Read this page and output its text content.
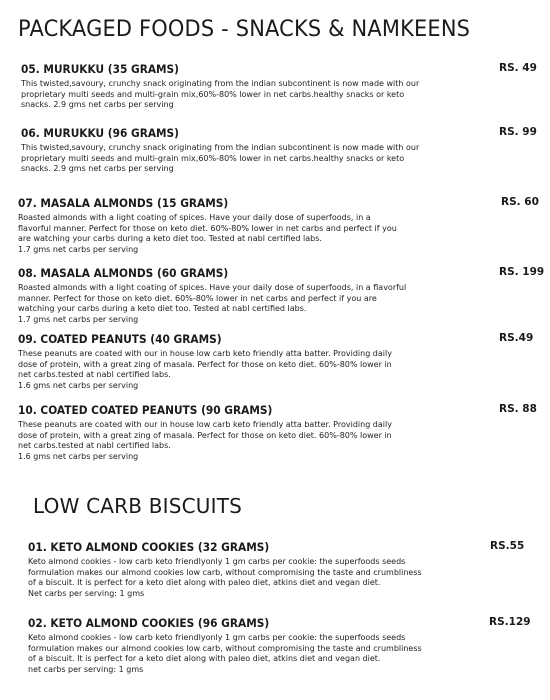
PACKAGED FOODS - SNACKS & NAMKEENS
05. MURUKKU (35 GRAMS)	RS. 49
This twisted,savoury, crunchy snack originating from the indian subcontinent is now made with our
proprietary multi seeds and multi-grain mix,60%-80% lower in net carbs.healthy snacks or keto
snacks. 2.9 gms net carbs per serving
06. MURUKKU (96 GRAMS)	RS. 99
This twisted,savoury, crunchy snack originating from the indian subcontinent is now made with our
proprietary multi seeds and multi-grain mix,60%-80% lower in net carbs.healthy snacks or keto
snacks. 2.9 gms net carbs per serving
07. MASALA ALMONDS (15 GRAMS)	RS. 60
Roasted almonds with a light coating of spices. Have your daily dose of superfoods, in a
flavorful manner. Perfect for those on keto diet. 60%-80% lower in net carbs and perfect if you
are watching your carbs during a keto diet too. Tested at nabl certified labs.
1.7 gms net carbs per serving
08. MASALA ALMONDS (60 GRAMS)	RS. 199
Roasted almonds with a light coating of spices. Have your daily dose of superfoods, in a flavorful
manner. Perfect for those on keto diet. 60%-80% lower in net carbs and perfect if you are
watching your carbs during a keto diet too. Tested at nabl certified labs.
1.7 gms net carbs per serving
09. COATED PEANUTS (40 GRAMS)	RS.49
These peanuts are coated with our in house low carb keto friendly atta batter. Providing daily
dose of protein, with a great zing of masala. Perfect for those on keto diet. 60%-80% lower in
net carbs.tested at nabl certified labs.
1.6 gms net carbs per serving
10. COATED COATED PEANUTS (90 GRAMS)	RS. 88
These peanuts are coated with our in house low carb keto friendly atta batter. Providing daily
dose of protein, with a great zing of masala. Perfect for those on keto diet. 60%-80% lower in
net carbs.tested at nabl certified labs.
1.6 gms net carbs per serving
LOW CARB BISCUITS
01. KETO ALMOND COOKIES (32 GRAMS)	RS.55
Keto almond cookies - low carb keto friendlyonly 1 gm carbs per cookie: the superfoods seeds
formulation makes our almond cookies low carb, without compromising the taste and crumbliness
of a biscuit. It is perfect for a keto diet along with paleo diet, atkins diet and vegan diet.
Net carbs per serving: 1 gms
02. KETO ALMOND COOKIES (96 GRAMS)	RS.129
Keto almond cookies - low carb keto friendlyonly 1 gm carbs per cookie: the superfoods seeds
formulation makes our almond cookies low carb, without compromising the taste and crumbliness
of a biscuit. It is perfect for a keto diet along with paleo diet, atkins diet and vegan diet.
net carbs per serving: 1 gms
